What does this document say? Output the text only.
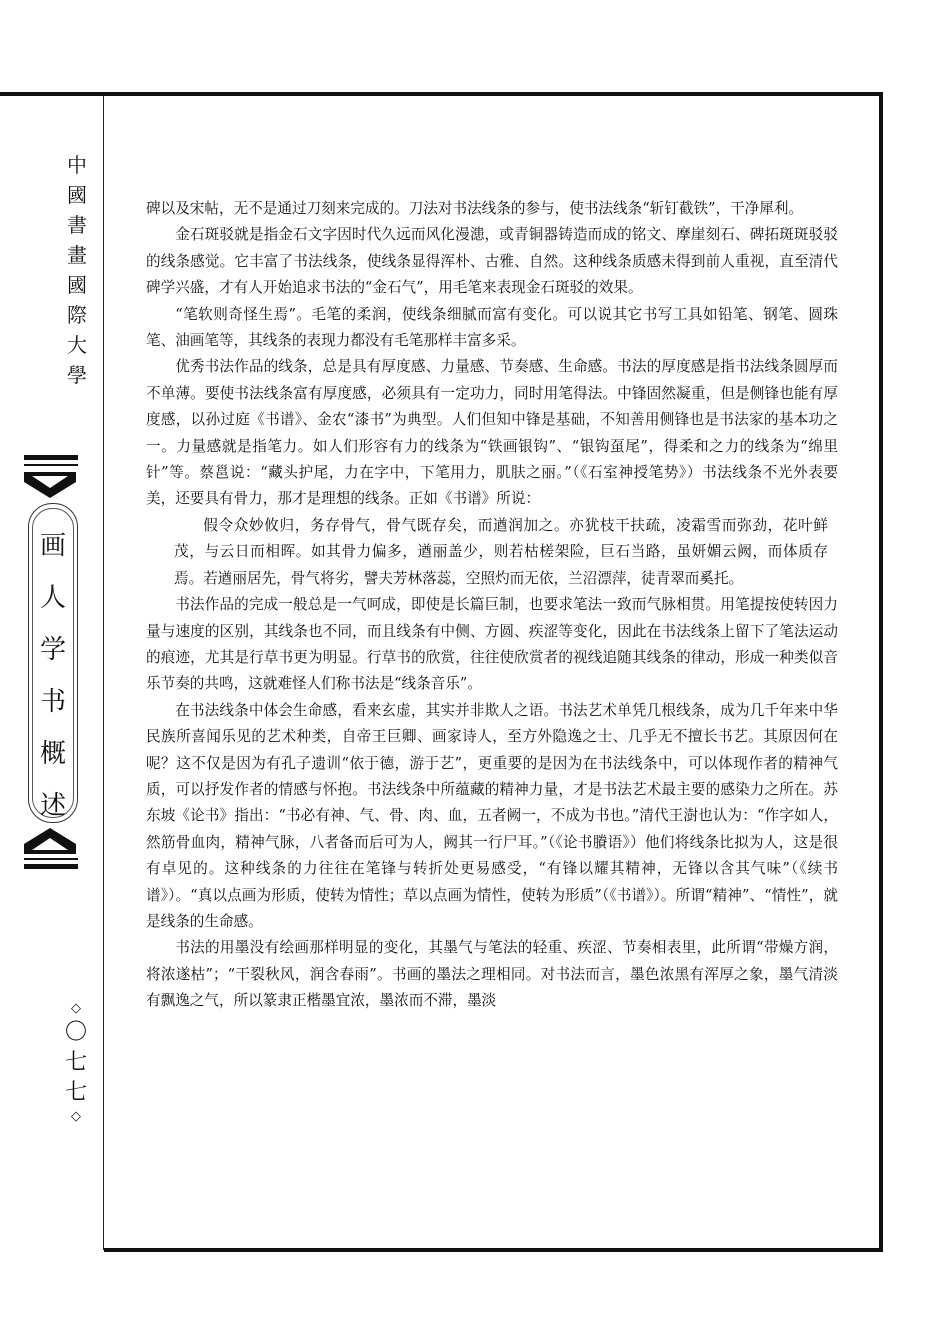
中
國
書
畫
國
際
大
學
画
人
学
书
概
述
◇
〇
七
七
◇

碑以及宋帖，无不是通过刀刻来完成的。刀法对书法线条的参与，使书法线条“斩钉截铁”，干净犀利。

金石斑驳就是指金石文字因时代久远而风化漫漶，或青铜器铸造而成的铭文、摩崖刻石、碑拓斑斑驳驳的线条感觉。它丰富了书法线条，使线条显得浑朴、古雅、自然。这种线条质感未得到前人重视，直至清代碑学兴盛，才有人开始追求书法的“金石气”，用毛笔来表现金石斑驳的效果。

“笔软则奇怪生焉”。毛笔的柔润，使线条细腻而富有变化。可以说其它书写工具如铅笔、钢笔、圆珠笔、油画笔等，其线条的表现力都没有毛笔那样丰富多采。

优秀书法作品的线条，总是具有厚度感、力量感、节奏感、生命感。书法的厚度感是指书法线条圆厚而不单薄。要使书法线条富有厚度感，必须具有一定功力，同时用笔得法。中锋固然凝重，但是侧锋也能有厚度感，以孙过庭《书谱》、金农“漆书”为典型。人们但知中锋是基础，不知善用侧锋也是书法家的基本功之一。力量感就是指笔力。如人们形容有力的线条为“铁画银钩”、“银钩虿尾”，得柔和之力的线条为“绵里针”等。蔡邕说：“藏头护尾，力在字中，下笔用力，肌肤之丽。”（《石室神授笔势》）书法线条不光外表要美，还要具有骨力，那才是理想的线条。正如《书谱》所说：

假令众妙攸归，务存骨气，骨气既存矣，而遒润加之。亦犹枝干扶疏，凌霜雪而弥劲，花叶鲜茂，与云日而相晖。如其骨力偏多，遒丽盖少，则若枯槎架险，巨石当路，虽妍媚云阙，而体质存焉。若遒丽居先，骨气将劣，譬夫芳林落蕊，空照灼而无依，兰沼漂萍，徒青翠而奚托。

书法作品的完成一般总是一气呵成，即使是长篇巨制，也要求笔法一致而气脉相贯。用笔提按使转因力量与速度的区别，其线条也不同，而且线条有中侧、方圆、疾涩等变化，因此在书法线条上留下了笔法运动的痕迹，尤其是行草书更为明显。行草书的欣赏，往往使欣赏者的视线追随其线条的律动，形成一种类似音乐节奏的共鸣，这就难怪人们称书法是“线条音乐”。

在书法线条中体会生命感，看来玄虚，其实并非欺人之语。书法艺术单凭几根线条，成为几千年来中华民族所喜闻乐见的艺术种类，自帝王巨卿、画家诗人，至方外隐逸之士、几乎无不擅长书艺。其原因何在呢？这不仅是因为有孔子遗训“依于德，游于艺”，更重要的是因为在书法线条中，可以体现作者的精神气质，可以抒发作者的情感与怀抱。书法线条中所蕴藏的精神力量，才是书法艺术最主要的感染力之所在。苏东坡《论书》指出：“书必有神、气、骨、肉、血，五者阙一，不成为书也。”清代王澍也认为：“作字如人，然筋骨血肉，精神气脉，八者备而后可为人，阙其一行尸耳。”（《论书賸语》）他们将线条比拟为人，这是很有卓见的。这种线条的力往往在笔锋与转折处更易感受，“有锋以耀其精神，无锋以含其气味”（《续书谱》）。“真以点画为形质，使转为情性；草以点画为情性，使转为形质”（《书谱》）。所谓“精神”、“情性”，就是线条的生命感。

书法的用墨没有绘画那样明显的变化，其墨气与笔法的轻重、疾涩、节奏相表里，此所谓“带燥方润，将浓遂枯”；“干裂秋风，润含春雨”。书画的墨法之理相同。对书法而言，墨色浓黑有浑厚之象，墨气清淡有飘逸之气，所以篆隶正楷墨宜浓，墨浓而不滞，墨淡
